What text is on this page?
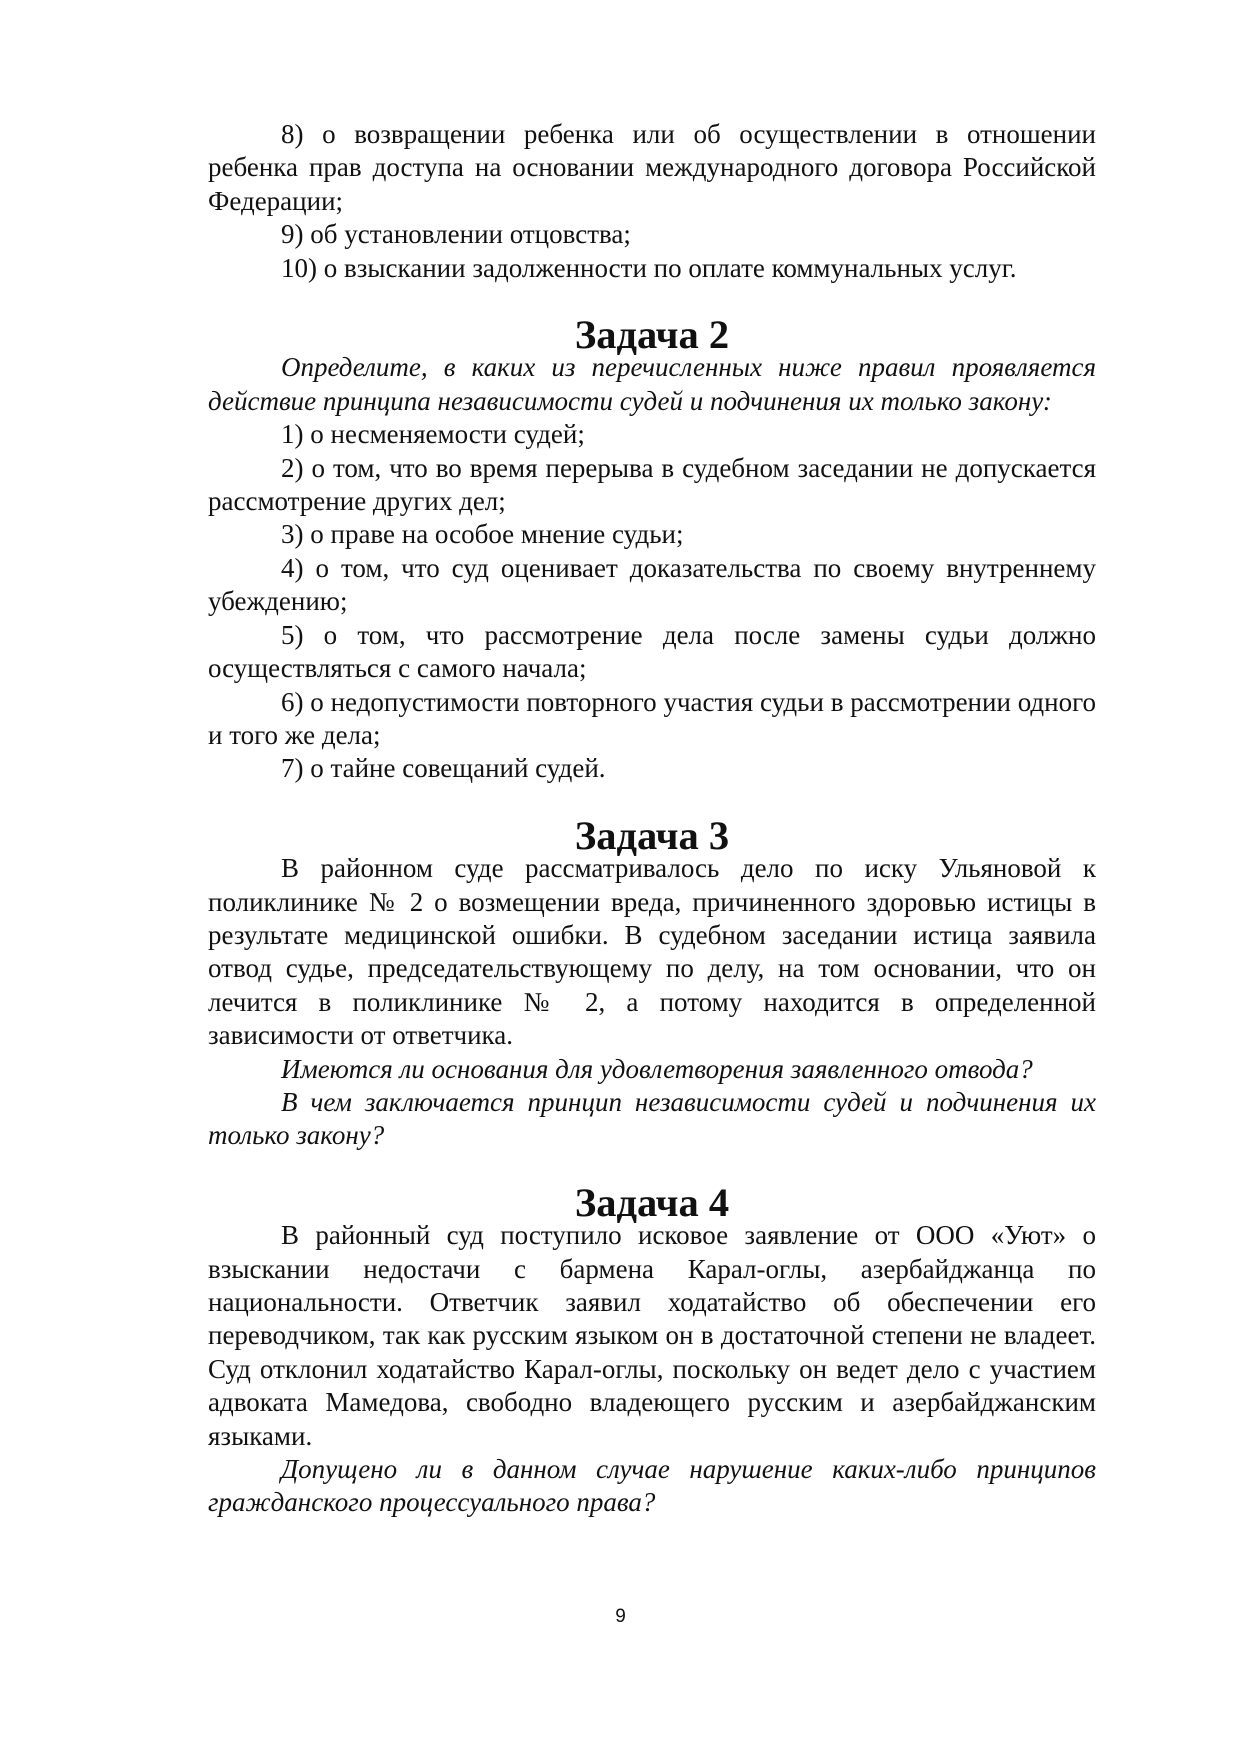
8) о возвращении ребенка или об осуществлении в отношении ребенка прав доступа на основании международного договора Российской Федерации;

9) об установлении отцовства;

10) о взыскании задолженности по оплате коммунальных услуг.

Задача 2

Определите, в каких из перечисленных ниже правил проявляется действие принципа независимости судей и подчинения их только закону:

1) о несменяемости судей;

2) о том, что во время перерыва в судебном заседании не допускается рассмотрение других дел;

3) о праве на особое мнение судьи;

4) о том, что суд оценивает доказательства по своему внутреннему убеждению;

5) о том, что рассмотрение дела после замены судьи должно осуществляться с самого начала;

6) о недопустимости повторного участия судьи в рассмотрении одного и того же дела;

7) о тайне совещаний судей.

Задача 3

В районном суде рассматривалось дело по иску Ульяновой к поликлинике № 2 о возмещении вреда, причиненного здоровью истицы в результате медицинской ошибки. В судебном заседании истица заявила отвод судье, председательствующему по делу, на том основании, что он лечится в поликлинике № 2, а потому находится в определенной зависимости от ответчика.

Имеются ли основания для удовлетворения заявленного отвода?

В чем заключается принцип независимости судей и подчинения их только закону?

Задача 4

В районный суд поступило исковое заявление от ООО «Уют» о взыскании недостачи с бармена Карал-оглы, азербайджанца по национальности. Ответчик заявил ходатайство об обеспечении его переводчиком, так как русским языком он в достаточной степени не владеет. Суд отклонил ходатайство Карал-оглы, поскольку он ведет дело с участием адвоката Мамедова, свободно владеющего русским и азербайджанским языками.

Допущено ли в данном случае нарушение каких-либо принципов гражданского процессуального права?

9
